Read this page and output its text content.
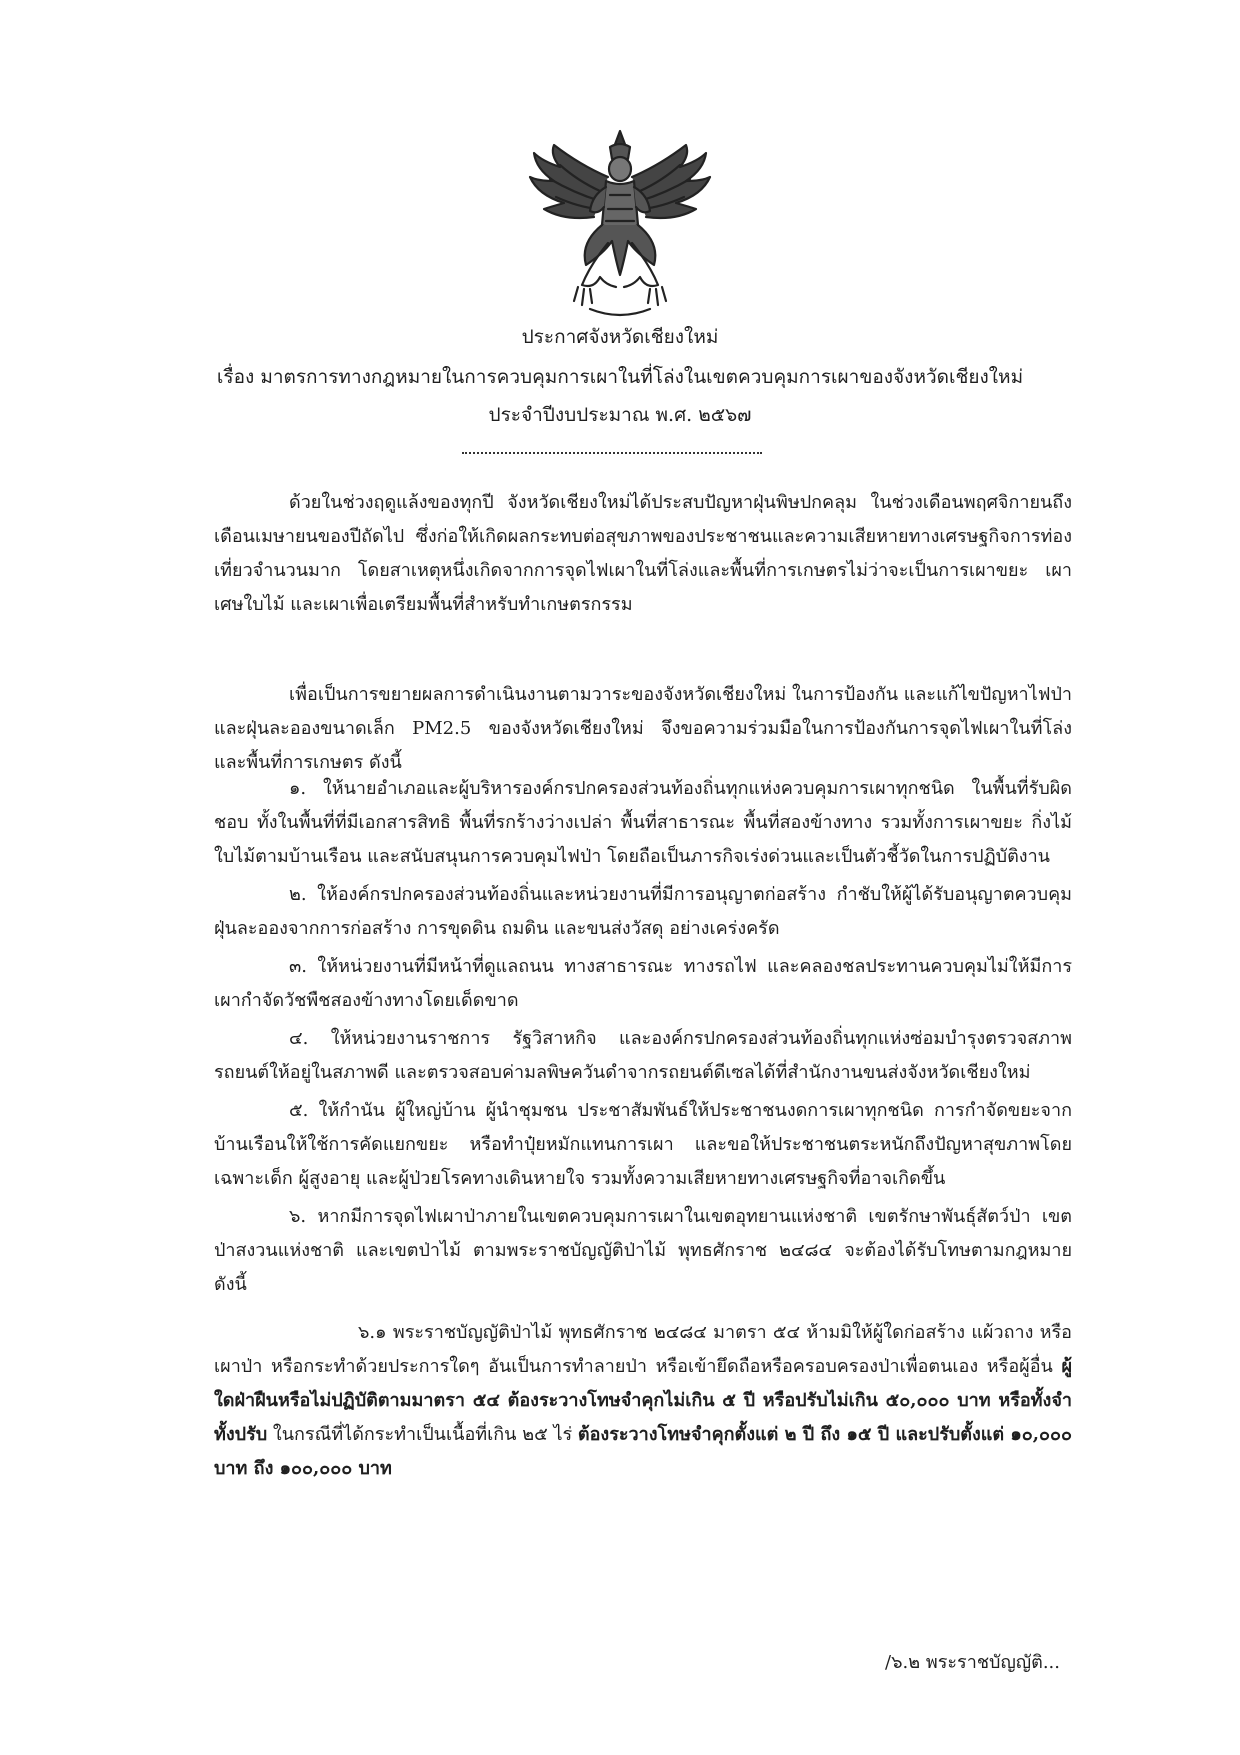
ประกาศจังหวัดเชียงใหม่
เรื่อง มาตรการทางกฎหมายในการควบคุมการเผาในที่โล่งในเขตควบคุมการเผาของจังหวัดเชียงใหม่
ประจำปีงบประมาณ พ.ศ. ๒๕๖๗

ด้วยในช่วงฤดูแล้งของทุกปี จังหวัดเชียงใหม่ได้ประสบปัญหาฝุ่นพิษปกคลุม ในช่วงเดือนพฤศจิกายนถึงเดือนเมษายนของปีถัดไป ซึ่งก่อให้เกิดผลกระทบต่อสุขภาพของประชาชนและความเสียหายทางเศรษฐกิจการท่องเที่ยวจำนวนมาก โดยสาเหตุหนึ่งเกิดจากการจุดไฟเผาในที่โล่งและพื้นที่การเกษตรไม่ว่าจะเป็นการเผาขยะ เผาเศษใบไม้ และเผาเพื่อเตรียมพื้นที่สำหรับทำเกษตรกรรม

เพื่อเป็นการขยายผลการดำเนินงานตามวาระของจังหวัดเชียงใหม่ ในการป้องกัน และแก้ไขปัญหาไฟป่าและฝุ่นละอองขนาดเล็ก PM2.5 ของจังหวัดเชียงใหม่ จึงขอความร่วมมือในการป้องกันการจุดไฟเผาในที่โล่ง และพื้นที่การเกษตร ดังนี้

๑. ให้นายอำเภอและผู้บริหารองค์กรปกครองส่วนท้องถิ่นทุกแห่งควบคุมการเผาทุกชนิด ในพื้นที่รับผิดชอบ ทั้งในพื้นที่ที่มีเอกสารสิทธิ พื้นที่รกร้างว่างเปล่า พื้นที่สาธารณะ พื้นที่สองข้างทาง รวมทั้งการเผาขยะ กิ่งไม้ใบไม้ตามบ้านเรือน และสนับสนุนการควบคุมไฟป่า โดยถือเป็นภารกิจเร่งด่วนและเป็นตัวชี้วัดในการปฏิบัติงาน

๒. ให้องค์กรปกครองส่วนท้องถิ่นและหน่วยงานที่มีการอนุญาตก่อสร้าง กำชับให้ผู้ได้รับอนุญาตควบคุมฝุ่นละอองจากการก่อสร้าง การขุดดิน ถมดิน และขนส่งวัสดุ อย่างเคร่งครัด

๓. ให้หน่วยงานที่มีหน้าที่ดูแลถนน ทางสาธารณะ ทางรถไฟ และคลองชลประทานควบคุมไม่ให้มีการเผากำจัดวัชพืชสองข้างทางโดยเด็ดขาด

๔. ให้หน่วยงานราชการ รัฐวิสาหกิจ และองค์กรปกครองส่วนท้องถิ่นทุกแห่งซ่อมบำรุงตรวจสภาพรถยนต์ให้อยู่ในสภาพดี และตรวจสอบค่ามลพิษควันดำจากรถยนต์ดีเซลได้ที่สำนักงานขนส่งจังหวัดเชียงใหม่

๕. ให้กำนัน ผู้ใหญ่บ้าน ผู้นำชุมชน ประชาสัมพันธ์ให้ประชาชนงดการเผาทุกชนิด การกำจัดขยะจากบ้านเรือนให้ใช้การคัดแยกขยะ หรือทำปุ๋ยหมักแทนการเผา และขอให้ประชาชนตระหนักถึงปัญหาสุขภาพโดยเฉพาะเด็ก ผู้สูงอายุ และผู้ป่วยโรคทางเดินหายใจ รวมทั้งความเสียหายทางเศรษฐกิจที่อาจเกิดขึ้น

๖. หากมีการจุดไฟเผาป่าภายในเขตควบคุมการเผาในเขตอุทยานแห่งชาติ เขตรักษาพันธุ์สัตว์ป่า เขตป่าสงวนแห่งชาติ และเขตป่าไม้ ตามพระราชบัญญัติป่าไม้ พุทธศักราช ๒๔๘๔ จะต้องได้รับโทษตามกฎหมาย ดังนี้

๖.๑ พระราชบัญญัติป่าไม้ พุทธศักราช ๒๔๘๔ มาตรา ๕๔ ห้ามมิให้ผู้ใดก่อสร้าง แผ้วถาง หรือเผาป่า หรือกระทำด้วยประการใดๆ อันเป็นการทำลายป่า หรือเข้ายึดถือหรือครอบครองป่าเพื่อตนเอง หรือผู้อื่น ผู้ใดฝ่าฝืนหรือไม่ปฏิบัติตามมาตรา ๕๔ ต้องระวางโทษจำคุกไม่เกิน ๕ ปี หรือปรับไม่เกิน ๕๐,๐๐๐ บาท หรือทั้งจำทั้งปรับ ในกรณีที่ได้กระทำเป็นเนื้อที่เกิน ๒๕ ไร่ ต้องระวางโทษจำคุกตั้งแต่ ๒ ปี ถึง ๑๕ ปี และปรับตั้งแต่ ๑๐,๐๐๐ บาท ถึง ๑๐๐,๐๐๐ บาท

/๖.๒ พระราชบัญญัติ...
